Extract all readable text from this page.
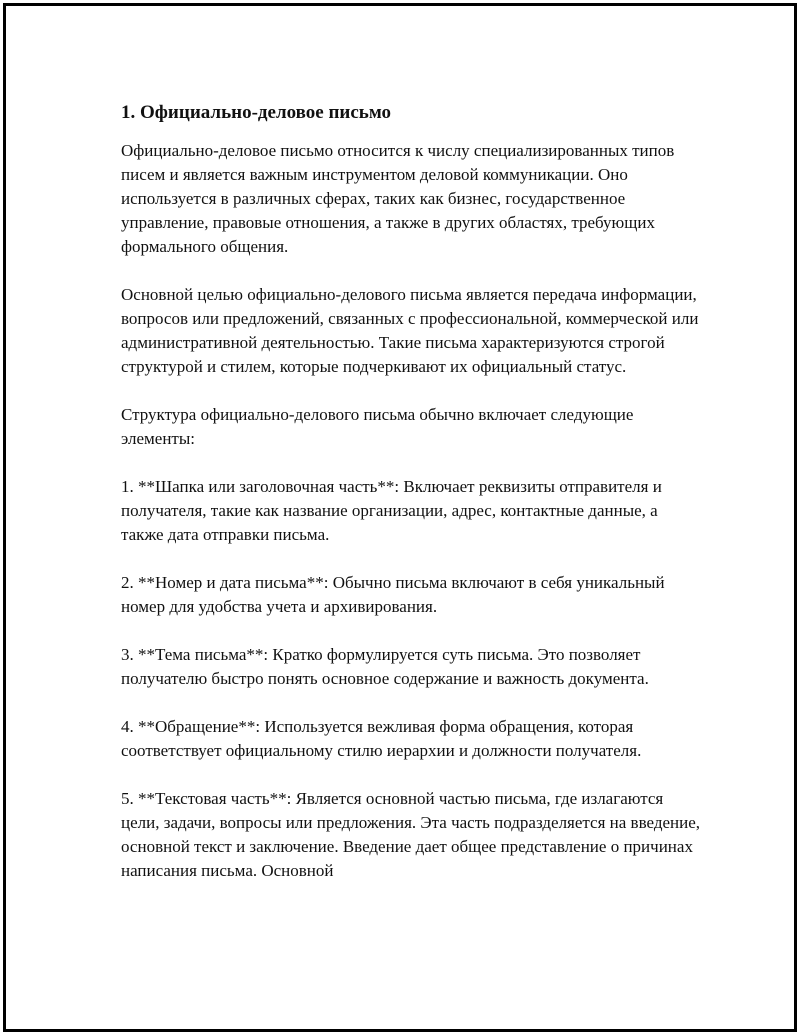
1. Официально-деловое письмо

Официально-деловое письмо относится к числу специализированных типов писем и является важным инструментом деловой коммуникации. Оно используется в различных сферах, таких как бизнес, государственное управление, правовые отношения, а также в других областях, требующих формального общения.

Основной целью официально-делового письма является передача информации, вопросов или предложений, связанных с профессиональной, коммерческой или административной деятельностью. Такие письма характеризуются строгой структурой и стилем, которые подчеркивают их официальный статус.

Структура официально-делового письма обычно включает следующие элементы:

1. **Шапка или заголовочная часть**: Включает реквизиты отправителя и получателя, такие как название организации, адрес, контактные данные, а также дата отправки письма.

2. **Номер и дата письма**: Обычно письма включают в себя уникальный номер для удобства учета и архивирования.

3. **Тема письма**: Кратко формулируется суть письма. Это позволяет получателю быстро понять основное содержание и важность документа.

4. **Обращение**: Используется вежливая форма обращения, которая соответствует официальному стилю иерархии и должности получателя.

5. **Текстовая часть**: Является основной частью письма, где излагаются цели, задачи, вопросы или предложения. Эта часть подразделяется на введение, основной текст и заключение. Введение дает общее представление о причинах написания письма. Основной
